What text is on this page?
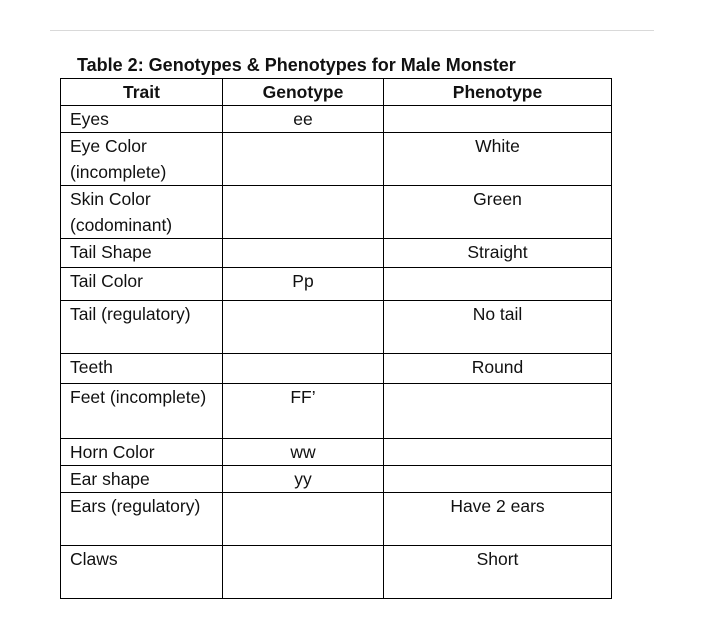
Table 2: Genotypes & Phenotypes for Male Monster
Trait	Genotype	Phenotype
Eyes	ee	
Eye Color (incomplete)		White
Skin Color (codominant)		Green
Tail Shape		Straight
Tail Color	Pp	
Tail (regulatory)		No tail
Teeth		Round
Feet (incomplete)	FF’	
Horn Color	ww	
Ear shape	yy	
Ears (regulatory)		Have 2 ears
Claws		Short
